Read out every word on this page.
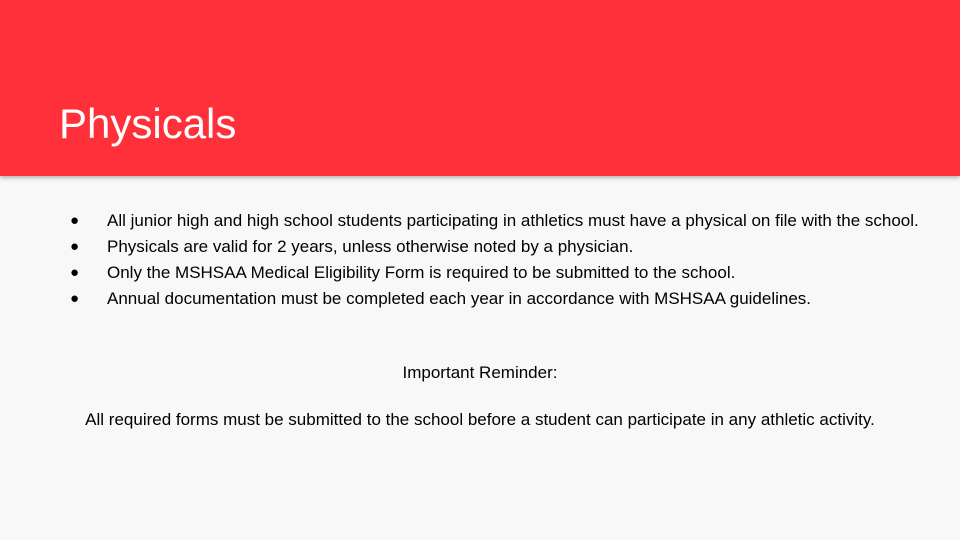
Physicals
●	All junior high and high school students participating in athletics must have a physical on file with the school.
●	Physicals are valid for 2 years, unless otherwise noted by a physician.
●	Only the MSHSAA Medical Eligibility Form is required to be submitted to the school.
●	Annual documentation must be completed each year in accordance with MSHSAA guidelines.

Important Reminder:

All required forms must be submitted to the school before a student can participate in any athletic activity.
